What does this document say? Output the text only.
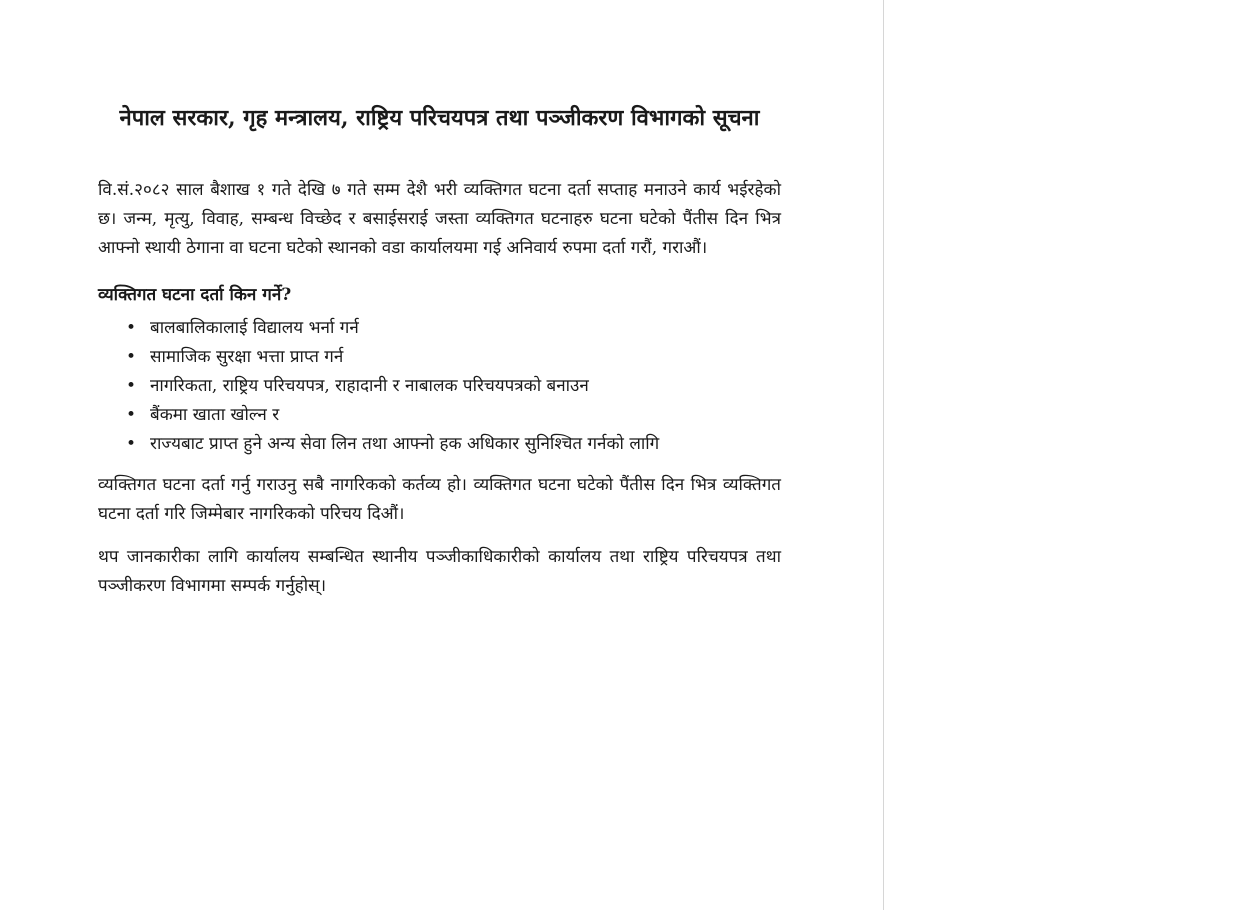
नेपाल सरकार, गृह मन्त्रालय, राष्ट्रिय परिचयपत्र तथा पञ्जीकरण विभागको सूचना

वि.सं.२०८२ साल बैशाख १ गते देखि ७ गते सम्म देशै भरी व्यक्तिगत घटना दर्ता सप्ताह मनाउने कार्य भईरहेको छ। जन्म, मृत्यु, विवाह, सम्बन्ध विच्छेद र बसाईसराई जस्ता व्यक्तिगत घटनाहरु घटना घटेको पैंतीस दिन भित्र आफ्नो स्थायी ठेगाना वा घटना घटेको स्थानको वडा कार्यालयमा गई अनिवार्य रुपमा दर्ता गरौं, गराऔं।

व्यक्तिगत घटना दर्ता किन गर्ने?
• बालबालिकालाई विद्यालय भर्ना गर्न
• सामाजिक सुरक्षा भत्ता प्राप्त गर्न
• नागरिकता, राष्ट्रिय परिचयपत्र, राहादानी र नाबालक परिचयपत्रको बनाउन
• बैंकमा खाता खोल्न र
• राज्यबाट प्राप्त हुने अन्य सेवा लिन तथा आफ्नो हक अधिकार सुनिश्चित गर्नको लागि

व्यक्तिगत घटना दर्ता गर्नु गराउनु सबै नागरिकको कर्तव्य हो। व्यक्तिगत घटना घटेको पैंतीस दिन भित्र व्यक्तिगत घटना दर्ता गरि जिम्मेबार नागरिकको परिचय दिऔं।

थप जानकारीका लागि कार्यालय सम्बन्धित स्थानीय पञ्जीकाधिकारीको कार्यालय तथा राष्ट्रिय परिचयपत्र तथा पञ्जीकरण विभागमा सम्पर्क गर्नुहोस्।
